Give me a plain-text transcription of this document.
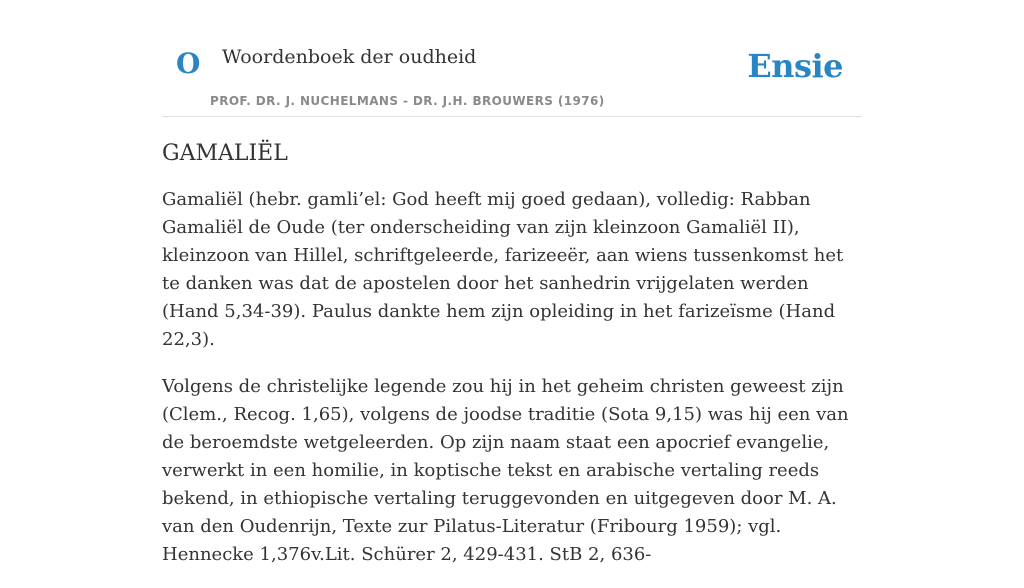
O Woordenboek der oudheid	Ensie
PROF. DR. J. NUCHELMANS - DR. J.H. BROUWERS (1976)
GAMALIËL

Gamaliël (hebr. gamli’el: God heeft mij goed gedaan), volledig: Rabban Gamaliël de Oude (ter onderscheiding van zijn kleinzoon Gamaliël II), kleinzoon van Hillel, schriftgeleerde, farizeeër, aan wiens tussenkomst het te danken was dat de apostelen door het sanhedrin vrijgelaten werden (Hand 5,34-39). Paulus dankte hem zijn opleiding in het farizeïsme (Hand 22,3).

Volgens de christelijke legende zou hij in het geheim christen geweest zijn (Clem., Recog. 1,65), volgens de joodse traditie (Sota 9,15) was hij een van de beroemdste wetgeleerden. Op zijn naam staat een apocrief evangelie, verwerkt in een homilie, in koptische tekst en arabische vertaling reeds bekend, in ethiopische vertaling teruggevonden en uitgegeven door M. A. van den Oudenrijn, Texte zur Pilatus-Literatur (Fribourg 1959); vgl. Hennecke 1,376v.Lit. Schürer 2, 429-431. StB 2, 636-
